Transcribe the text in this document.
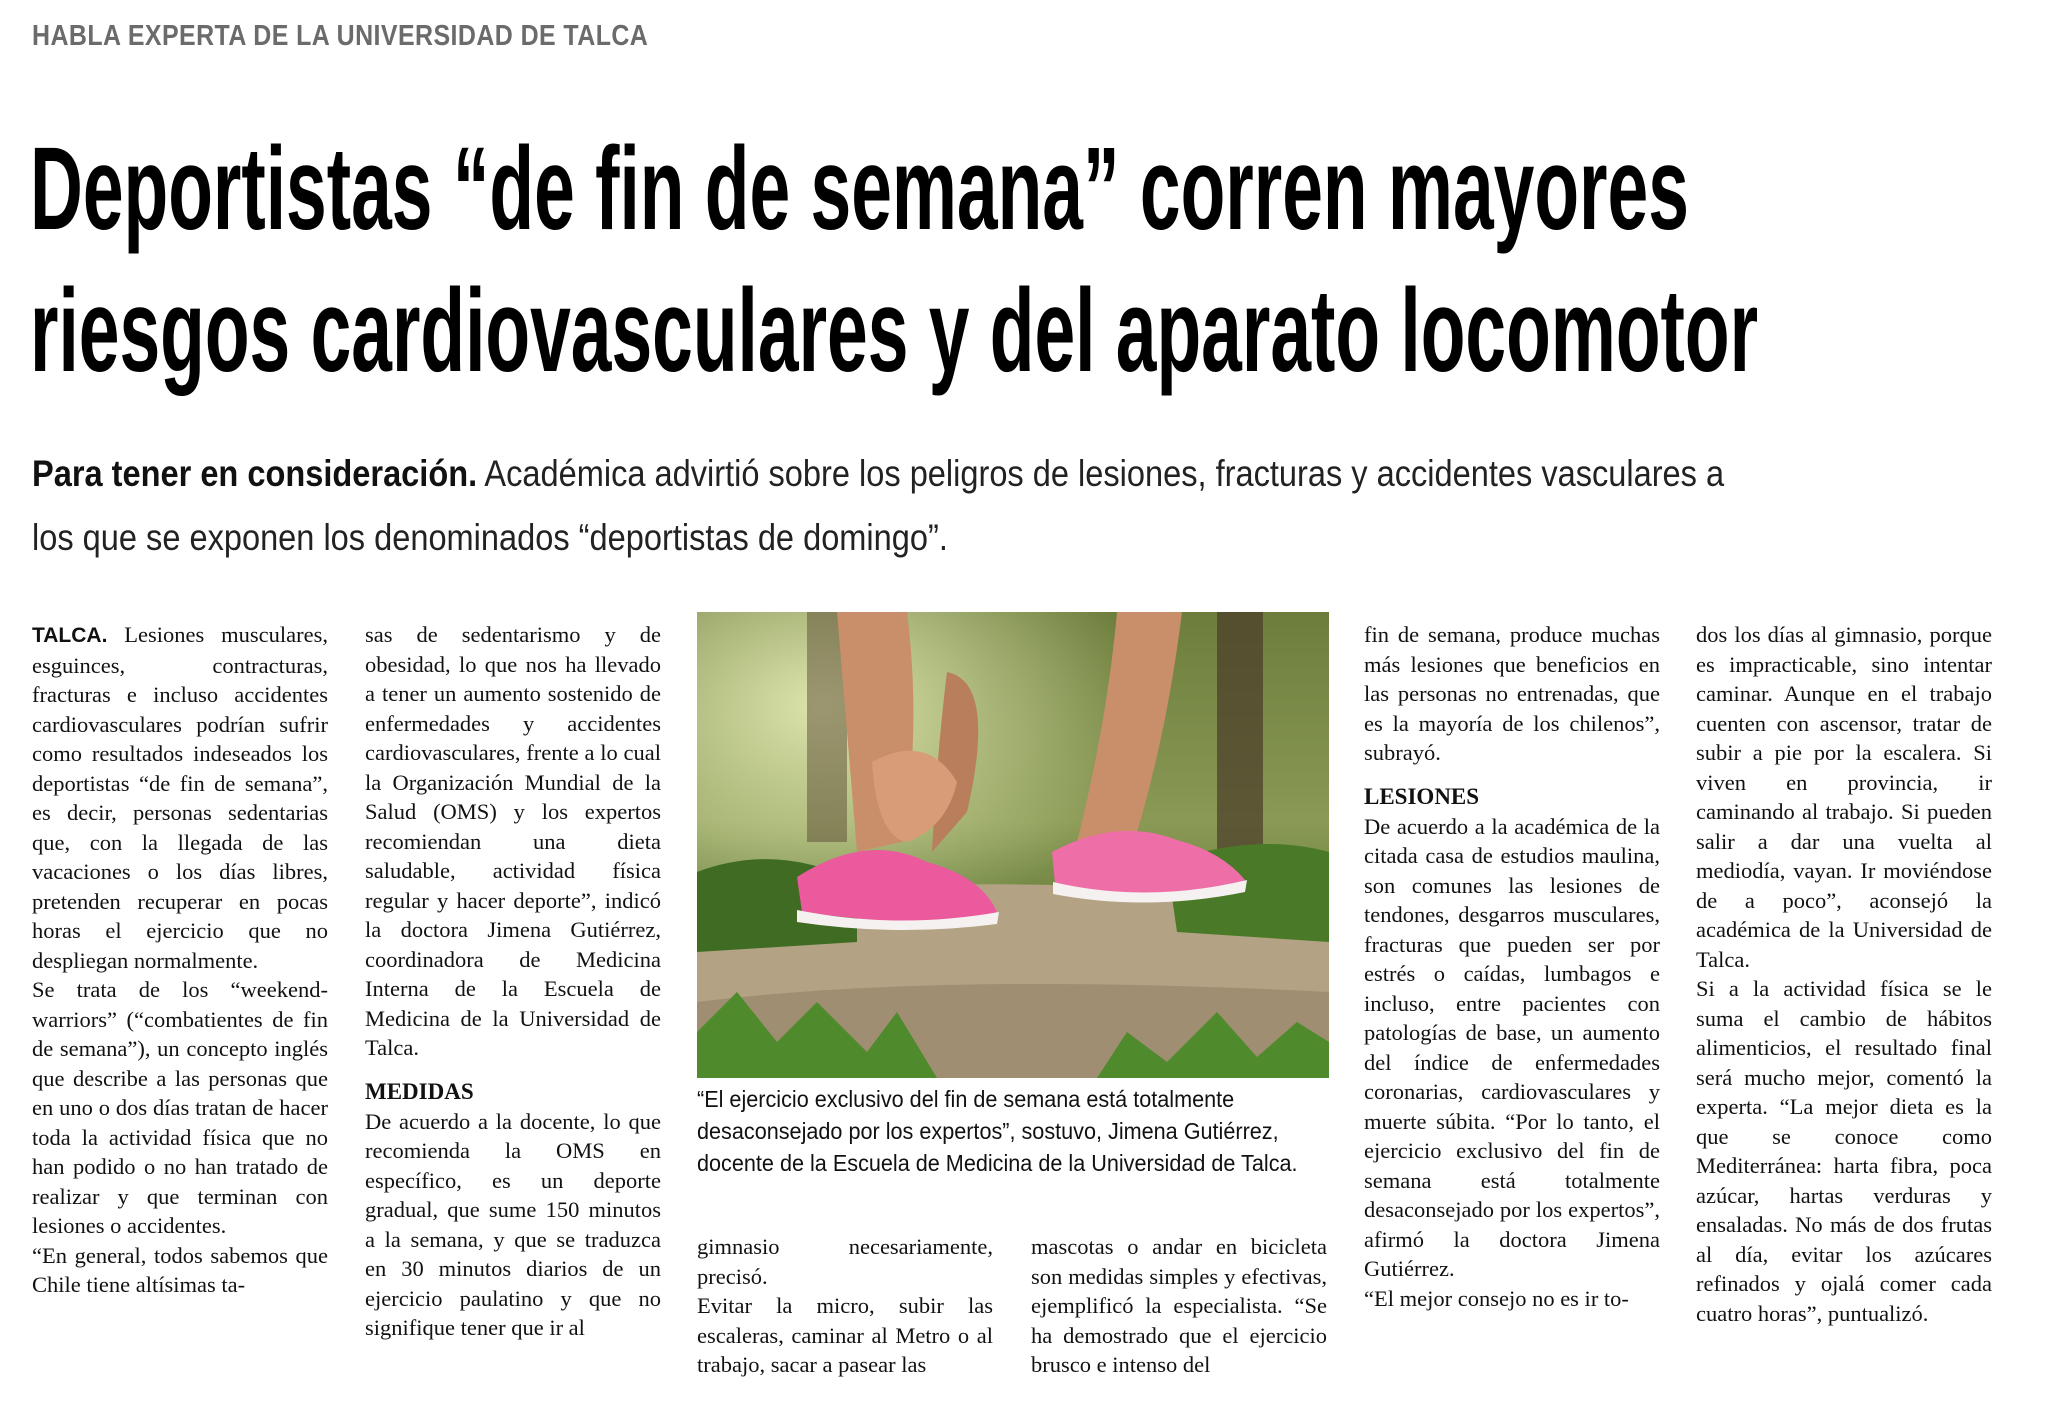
HABLA EXPERTA DE LA UNIVERSIDAD DE TALCA
Deportistas “de fin de semana” corren mayores
riesgos cardiovasculares y del aparato locomotor
Para tener en consideración. Académica advirtió sobre los peligros de lesiones, fracturas y accidentes vasculares a los que se exponen los denominados “deportistas de domingo”.

TALCA. Lesiones musculares, esguinces, contracturas, fracturas e incluso accidentes cardiovasculares podrían sufrir como resultados indeseados los deportistas “de fin de semana”, es decir, personas sedentarias que, con la llegada de las vacaciones o los días libres, pretenden recuperar en pocas horas el ejercicio que no despliegan normalmente.

Se trata de los “weekend-warriors” (“combatientes de fin de semana”), un concepto inglés que describe a las personas que en uno o dos días tratan de hacer toda la actividad física que no han podido o no han tratado de realizar y que terminan con lesiones o accidentes.

“En general, todos sabemos que Chile tiene altísimas ta-

sas de sedentarismo y de obesidad, lo que nos ha llevado a tener un aumento sostenido de enfermedades y accidentes cardiovasculares, frente a lo cual la Organización Mundial de la Salud (OMS) y los expertos recomiendan una dieta saludable, actividad física regular y hacer deporte”, indicó la doctora Jimena Gutiérrez, coordinadora de Medicina Interna de la Escuela de Medicina de la Universidad de Talca.

MEDIDAS

De acuerdo a la docente, lo que recomienda la OMS en específico, es un deporte gradual, que sume 150 minutos a la semana, y que se traduzca en 30 minutos diarios de un ejercicio paulatino y que no signifique tener que ir al

“El ejercicio exclusivo del fin de semana está totalmente desaconsejado por los expertos”, sostuvo, Jimena Gutiérrez, docente de la Escuela de Medicina de la Universidad de Talca.

gimnasio necesariamente, precisó.

Evitar la micro, subir las escaleras, caminar al Metro o al trabajo, sacar a pasear las

mascotas o andar en bicicleta son medidas simples y efectivas, ejemplificó la especialista. “Se ha demostrado que el ejercicio brusco e intenso del

fin de semana, produce muchas más lesiones que beneficios en las personas no entrenadas, que es la mayoría de los chilenos”, subrayó.

LESIONES

De acuerdo a la académica de la citada casa de estudios maulina, son comunes las lesiones de tendones, desgarros musculares, fracturas que pueden ser por estrés o caídas, lumbagos e incluso, entre pacientes con patologías de base, un aumento del índice de enfermedades coronarias, cardiovasculares y muerte súbita. “Por lo tanto, el ejercicio exclusivo del fin de semana está totalmente desaconsejado por los expertos”, afirmó la doctora Jimena Gutiérrez.

“El mejor consejo no es ir to-

dos los días al gimnasio, porque es impracticable, sino intentar caminar. Aunque en el trabajo cuenten con ascensor, tratar de subir a pie por la escalera. Si viven en provincia, ir caminando al trabajo. Si pueden salir a dar una vuelta al mediodía, vayan. Ir moviéndose de a poco”, aconsejó la académica de la Universidad de Talca.

Si a la actividad física se le suma el cambio de hábitos alimenticios, el resultado final será mucho mejor, comentó la experta. “La mejor dieta es la que se conoce como Mediterránea: harta fibra, poca azúcar, hartas verduras y ensaladas. No más de dos frutas al día, evitar los azúcares refinados y ojalá comer cada cuatro horas”, puntualizó.
